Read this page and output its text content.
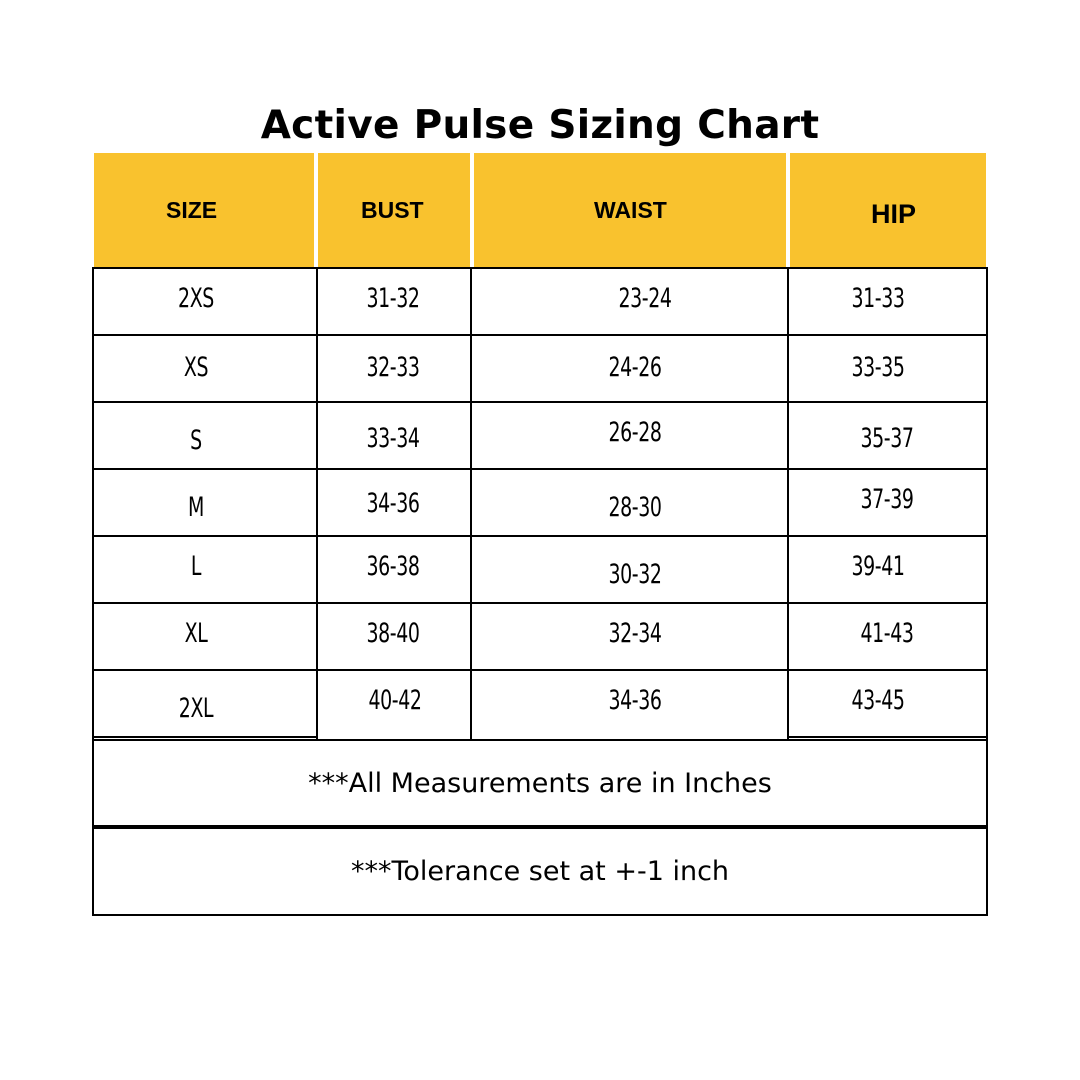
Active Pulse Sizing Chart
SIZE	BUST	WAIST	HIP
2XS	31-32	23-24	31-33
XS	32-33	24-26	33-35
S	33-34	26-28	35-37
M	34-36	28-30	37-39
L	36-38	30-32	39-41
XL	38-40	32-34	41-43
2XL	40-42	34-36	43-45
***All Measurements are in Inches
***Tolerance set at +-1 inch
